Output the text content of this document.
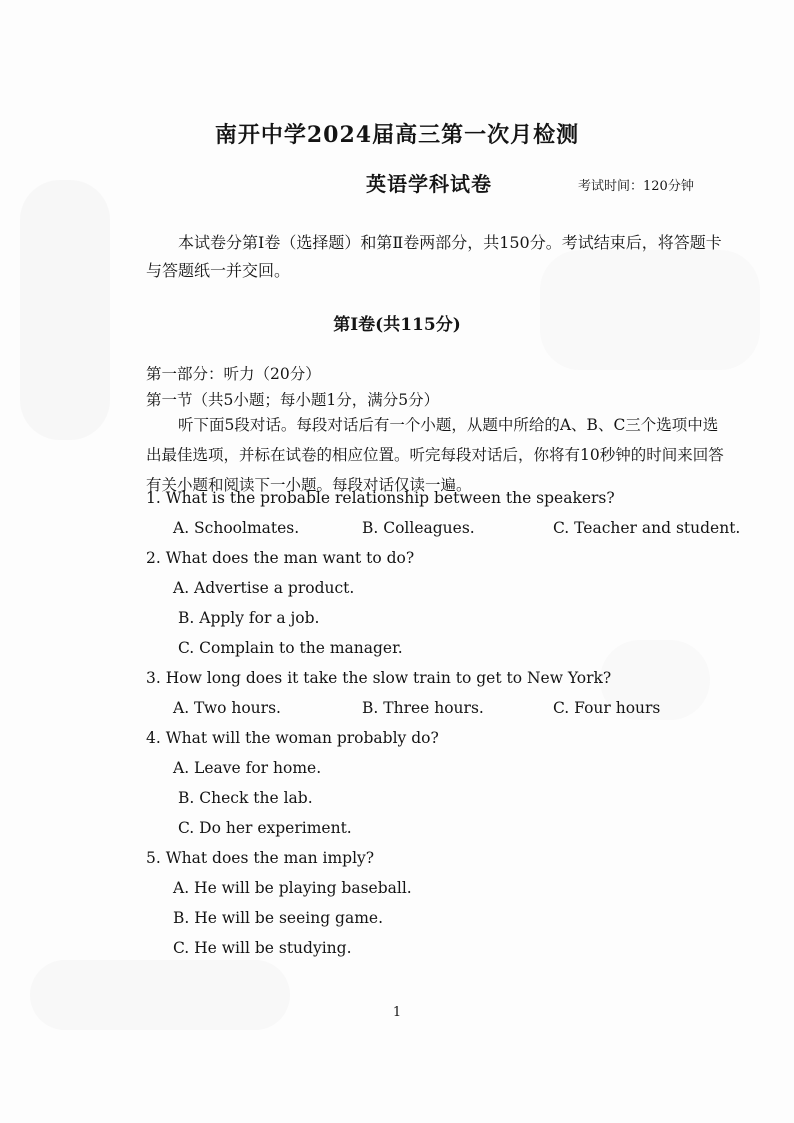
南开中学2024届高三第一次月检测
英语学科试卷	考试时间：120分钟
本试卷分第Ⅰ卷（选择题）和第Ⅱ卷两部分，共150分。考试结束后，将答题卡与答题纸一并交回。
第Ⅰ卷(共115分)
第一部分：听力（20分）
第一节（共5小题；每小题1分，满分5分）
听下面5段对话。每段对话后有一个小题，从题中所给的A、B、C三个选项中选出最佳选项，并标在试卷的相应位置。听完每段对话后，你将有10秒钟的时间来回答有关小题和阅读下一小题。每段对话仅读一遍。
1. What is the probable relationship between the speakers?
A. Schoolmates.	B. Colleagues.	C. Teacher and student.
2. What does the man want to do?
A. Advertise a product.
B. Apply for a job.
C. Complain to the manager.
3. How long does it take the slow train to get to New York?
A. Two hours.	B. Three hours.	C. Four hours
4. What will the woman probably do?
A. Leave for home.
B. Check the lab.
C. Do her experiment.
5. What does the man imply?
A. He will be playing baseball.
B. He will be seeing game.
C. He will be studying.
1
